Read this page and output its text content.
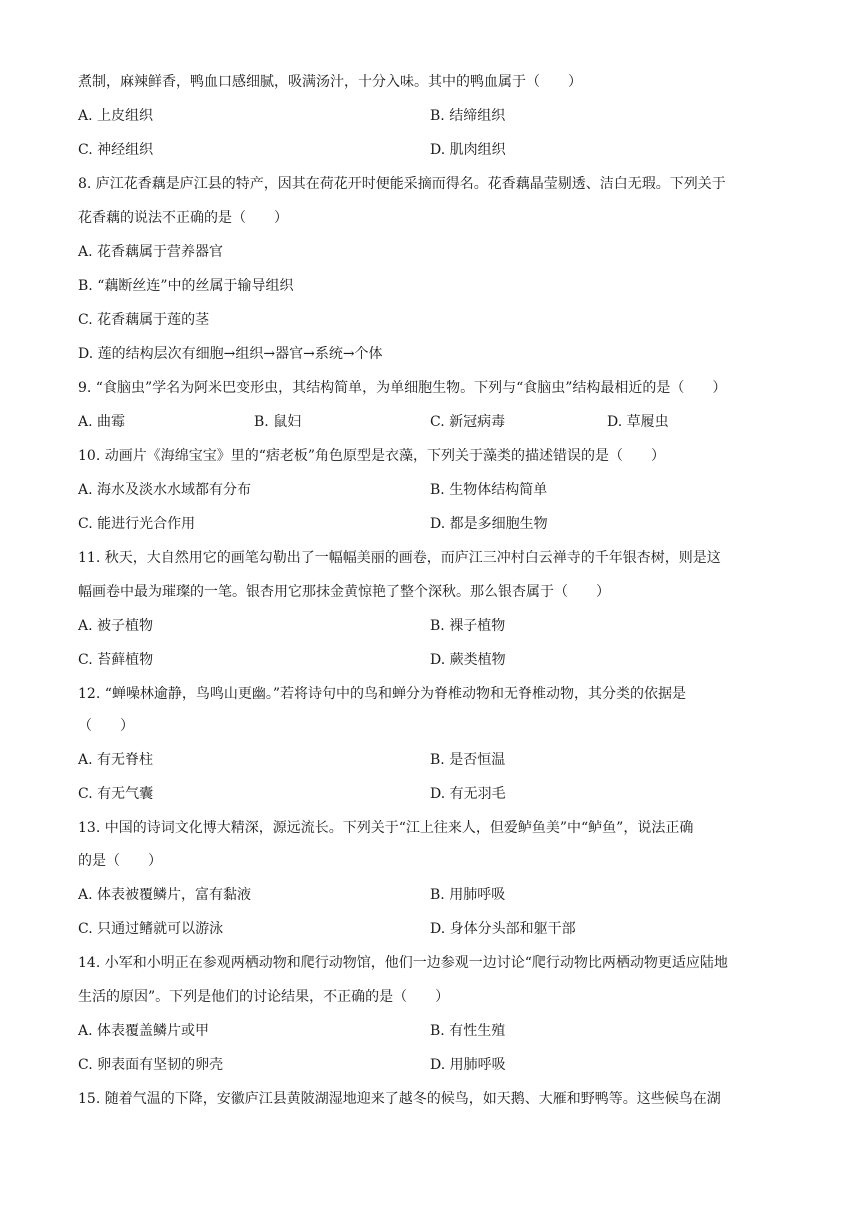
煮制，麻辣鲜香，鸭血口感细腻，吸满汤汁，十分入味。其中的鸭血属于（　　）
A. 上皮组织	B. 结缔组织
C. 神经组织	D. 肌肉组织
8. 庐江花香藕是庐江县的特产，因其在荷花开时便能采摘而得名。花香藕晶莹剔透、洁白无瑕。下列关于
花香藕的说法不正确的是（　　）
A. 花香藕属于营养器官
B. “藕断丝连”中的丝属于输导组织
C. 花香藕属于莲的茎
D. 莲的结构层次有细胞→组织→器官→系统→个体
9. “食脑虫”学名为阿米巴变形虫，其结构简单，为单细胞生物。下列与“食脑虫”结构最相近的是（　　）
A. 曲霉	B. 鼠妇	C. 新冠病毒	D. 草履虫
10. 动画片《海绵宝宝》里的“痞老板”角色原型是衣藻，下列关于藻类的描述错误的是（　　）
A. 海水及淡水水域都有分布	B. 生物体结构简单
C. 能进行光合作用	D. 都是多细胞生物
11. 秋天，大自然用它的画笔勾勒出了一幅幅美丽的画卷，而庐江三冲村白云禅寺的千年银杏树，则是这
幅画卷中最为璀璨的一笔。银杏用它那抹金黄惊艳了整个深秋。那么银杏属于（　　）
A. 被子植物	B. 裸子植物
C. 苔藓植物	D. 蕨类植物
12. “蝉噪林逾静，鸟鸣山更幽。”若将诗句中的鸟和蝉分为脊椎动物和无脊椎动物，其分类的依据是
（　　）
A. 有无脊柱	B. 是否恒温
C. 有无气囊	D. 有无羽毛
13. 中国的诗词文化博大精深，源远流长。下列关于“江上往来人，但爱鲈鱼美”中“鲈鱼”，说法正确
的是（　　）
A. 体表被覆鳞片，富有黏液	B. 用肺呼吸
C. 只通过鳍就可以游泳	D. 身体分头部和躯干部
14. 小军和小明正在参观两栖动物和爬行动物馆，他们一边参观一边讨论“爬行动物比两栖动物更适应陆地
生活的原因”。下列是他们的讨论结果，不正确的是（　　）
A. 体表覆盖鳞片或甲	B. 有性生殖
C. 卵表面有坚韧的卵壳	D. 用肺呼吸
15. 随着气温的下降，安徽庐江县黄陂湖湿地迎来了越冬的候鸟，如天鹅、大雁和野鸭等。这些候鸟在湖
